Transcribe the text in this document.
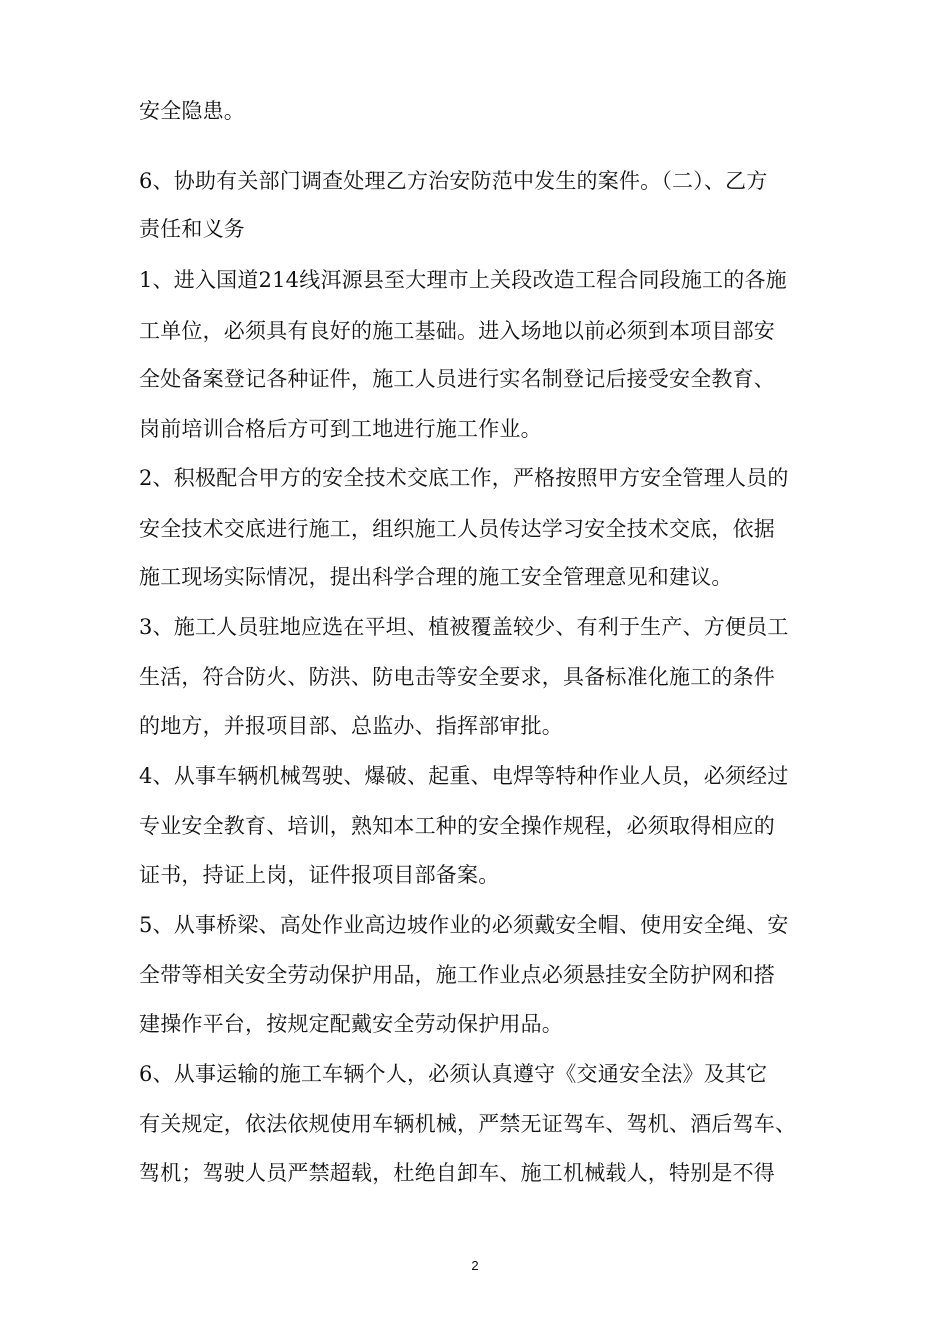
安全隐患。
6、协助有关部门调查处理乙方治安防范中发生的案件。（二）、乙方
责任和义务
1、进入国道214线洱源县至大理市上关段改造工程合同段施工的各施
工单位，必须具有良好的施工基础。进入场地以前必须到本项目部安
全处备案登记各种证件，施工人员进行实名制登记后接受安全教育、
岗前培训合格后方可到工地进行施工作业。
2、积极配合甲方的安全技术交底工作，严格按照甲方安全管理人员的
安全技术交底进行施工，组织施工人员传达学习安全技术交底，依据
施工现场实际情况，提出科学合理的施工安全管理意见和建议。
3、施工人员驻地应选在平坦、植被覆盖较少、有利于生产、方便员工
生活，符合防火、防洪、防电击等安全要求，具备标准化施工的条件
的地方，并报项目部、总监办、指挥部审批。
4、从事车辆机械驾驶、爆破、起重、电焊等特种作业人员，必须经过
专业安全教育、培训，熟知本工种的安全操作规程，必须取得相应的
证书，持证上岗，证件报项目部备案。
5、从事桥梁、高处作业高边坡作业的必须戴安全帽、使用安全绳、安
全带等相关安全劳动保护用品，施工作业点必须悬挂安全防护网和搭
建操作平台，按规定配戴安全劳动保护用品。
6、从事运输的施工车辆个人，必须认真遵守《交通安全法》及其它
有关规定，依法依规使用车辆机械，严禁无证驾车、驾机、酒后驾车、
驾机；驾驶人员严禁超载，杜绝自卸车、施工机械载人，特别是不得
2
